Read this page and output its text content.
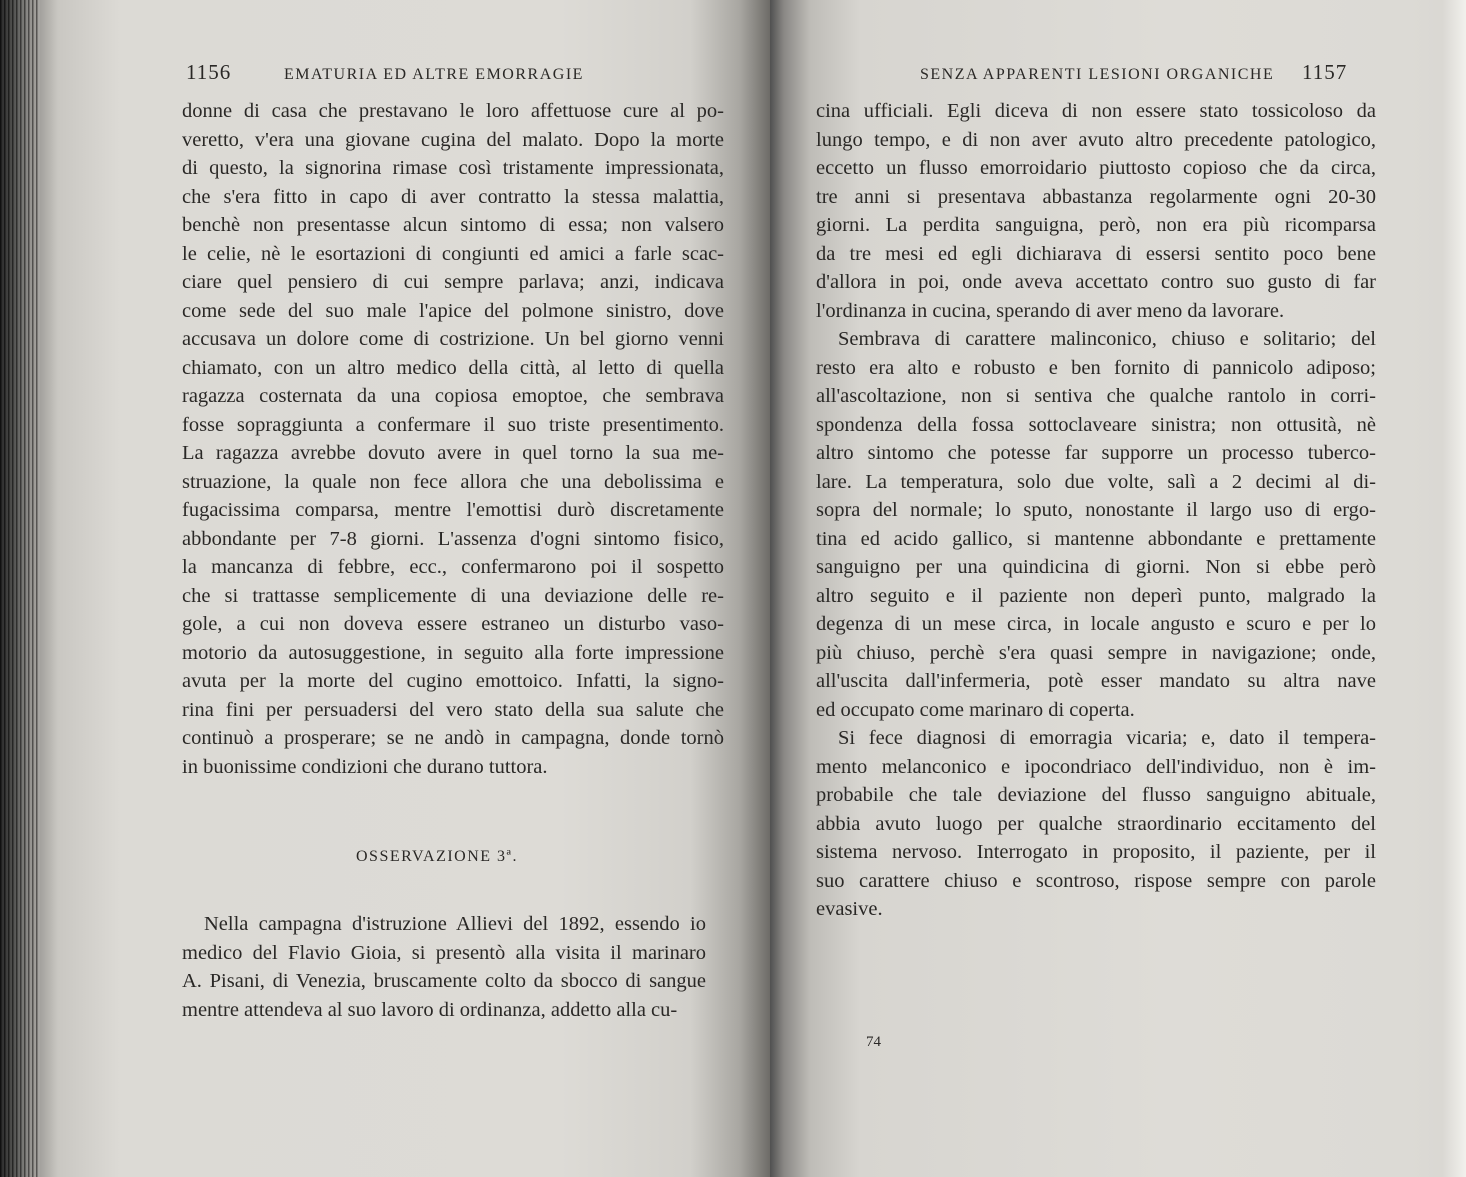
1156	EMATURIA ED ALTRE EMORRAGIE
donne di casa che prestavano le loro affettuose cure al po-
veretto, v'era una giovane cugina del malato. Dopo la morte
di questo, la signorina rimase così tristamente impressionata,
che s'era fitto in capo di aver contratto la stessa malattia,
benchè non presentasse alcun sintomo di essa; non valsero
le celie, nè le esortazioni di congiunti ed amici a farle scac-
ciare quel pensiero di cui sempre parlava; anzi, indicava
come sede del suo male l'apice del polmone sinistro, dove
accusava un dolore come di costrizione. Un bel giorno venni
chiamato, con un altro medico della città, al letto di quella
ragazza costernata da una copiosa emoptoe, che sembrava
fosse sopraggiunta a confermare il suo triste presentimento.
La ragazza avrebbe dovuto avere in quel torno la sua me-
struazione, la quale non fece allora che una debolissima e
fugacissima comparsa, mentre l'emottisi durò discretamente
abbondante per 7-8 giorni. L'assenza d'ogni sintomo fisico,
la mancanza di febbre, ecc., confermarono poi il sospetto
che si trattasse semplicemente di una deviazione delle re-
gole, a cui non doveva essere estraneo un disturbo vaso-
motorio da autosuggestione, in seguito alla forte impressione
avuta per la morte del cugino emottoico. Infatti, la signo-
rina fini per persuadersi del vero stato della sua salute che
continuò a prosperare; se ne andò in campagna, donde tornò
in buonissime condizioni che durano tuttora.
OSSERVAZIONE 3ª.
Nella campagna d'istruzione Allievi del 1892, essendo io
medico del Flavio Gioia, si presentò alla visita il marinaro
A. Pisani, di Venezia, bruscamente colto da sbocco di sangue
mentre attendeva al suo lavoro di ordinanza, addetto alla cu-
SENZA APPARENTI LESIONI ORGANICHE 1157
cina ufficiali. Egli diceva di non essere stato tossicoloso da
lungo tempo, e di non aver avuto altro precedente patologico,
eccetto un flusso emorroidario piuttosto copioso che da circa,
tre anni si presentava abbastanza regolarmente ogni 20-30
giorni. La perdita sanguigna, però, non era più ricomparsa
da tre mesi ed egli dichiarava di essersi sentito poco bene
d'allora in poi, onde aveva accettato contro suo gusto di far
l'ordinanza in cucina, sperando di aver meno da lavorare.
Sembrava di carattere malinconico, chiuso e solitario; del
resto era alto e robusto e ben fornito di pannicolo adiposo;
all'ascoltazione, non si sentiva che qualche rantolo in corri-
spondenza della fossa sottoclaveare sinistra; non ottusità, nè
altro sintomo che potesse far supporre un processo tuberco-
lare. La temperatura, solo due volte, salì a 2 decimi al di-
sopra del normale; lo sputo, nonostante il largo uso di ergo-
tina ed acido gallico, si mantenne abbondante e prettamente
sanguigno per una quindicina di giorni. Non si ebbe però
altro seguito e il paziente non deperì punto, malgrado la
degenza di un mese circa, in locale angusto e scuro e per lo
più chiuso, perchè s'era quasi sempre in navigazione; onde,
all'uscita dall'infermeria, potè esser mandato su altra nave
ed occupato come marinaro di coperta.
Si fece diagnosi di emorragia vicaria; e, dato il tempera-
mento melanconico e ipocondriaco dell'individuo, non è im-
probabile che tale deviazione del flusso sanguigno abituale,
abbia avuto luogo per qualche straordinario eccitamento del
sistema nervoso. Interrogato in proposito, il paziente, per il
suo carattere chiuso e scontroso, rispose sempre con parole
evasive.
74
